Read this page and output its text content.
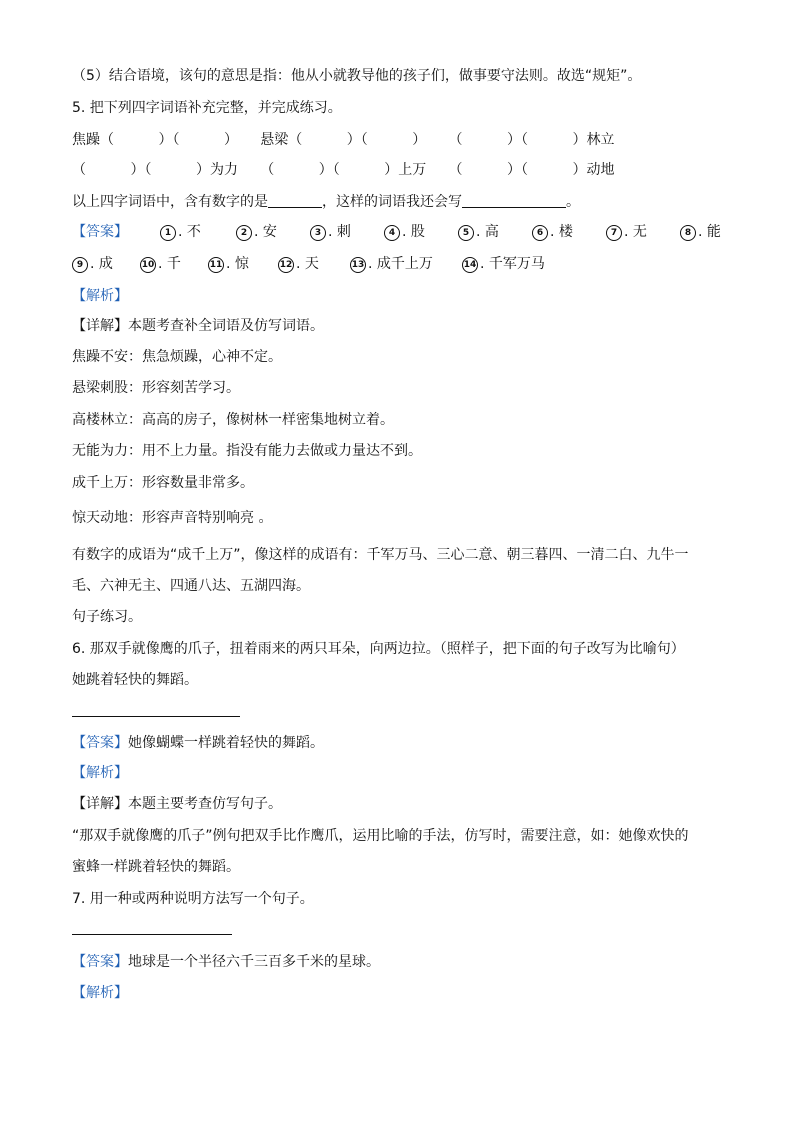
（5）结合语境，该句的意思是指：他从小就教导他的孩子们，做事要守法则。故选“规矩”。
5. 把下列四字词语补充完整，并完成练习。
焦躁（          ）（          ）     悬梁（          ）（          ）     （          ）（          ）林立
（          ）（          ）为力     （          ）（          ）上万     （          ）（          ）动地
以上四字词语中，含有数字的是	，这样的词语我还会写	。
【答案】	1 . 不	2 . 安	3 . 刺	4 . 股	5 . 高	6 . 楼	7 . 无	8 . 能
9 . 成	10 . 千	11 . 惊	12 . 天	13 . 成千上万	14 . 千军万马
【解析】
【详解】本题考查补全词语及仿写词语。
焦躁不安：焦急烦躁，心神不定。
悬梁刺股：形容刻苦学习。
高楼林立：高高的房子，像树林一样密集地树立着。
无能为力：用不上力量。指没有能力去做或力量达不到。
成千上万：形容数量非常多。
惊天动地：形容声音特别响亮 。
有数字的成语为“成千上万”，像这样的成语有：千军万马、三心二意、朝三暮四、一清二白、九牛一
毛、六神无主、四通八达、五湖四海。
句子练习。
6. 那双手就像鹰的爪子，扭着雨来的两只耳朵，向两边拉。（照样子，把下面的句子改写为比喻句）
她跳着轻快的舞蹈。
【答案】她像蝴蝶一样跳着轻快的舞蹈。
【解析】
【详解】本题主要考查仿写句子。
“那双手就像鹰的爪子”例句把双手比作鹰爪，运用比喻的手法，仿写时，需要注意，如：她像欢快的
蜜蜂一样跳着轻快的舞蹈。
7. 用一种或两种说明方法写一个句子。
【答案】地球是一个半径六千三百多千米的星球。
【解析】
